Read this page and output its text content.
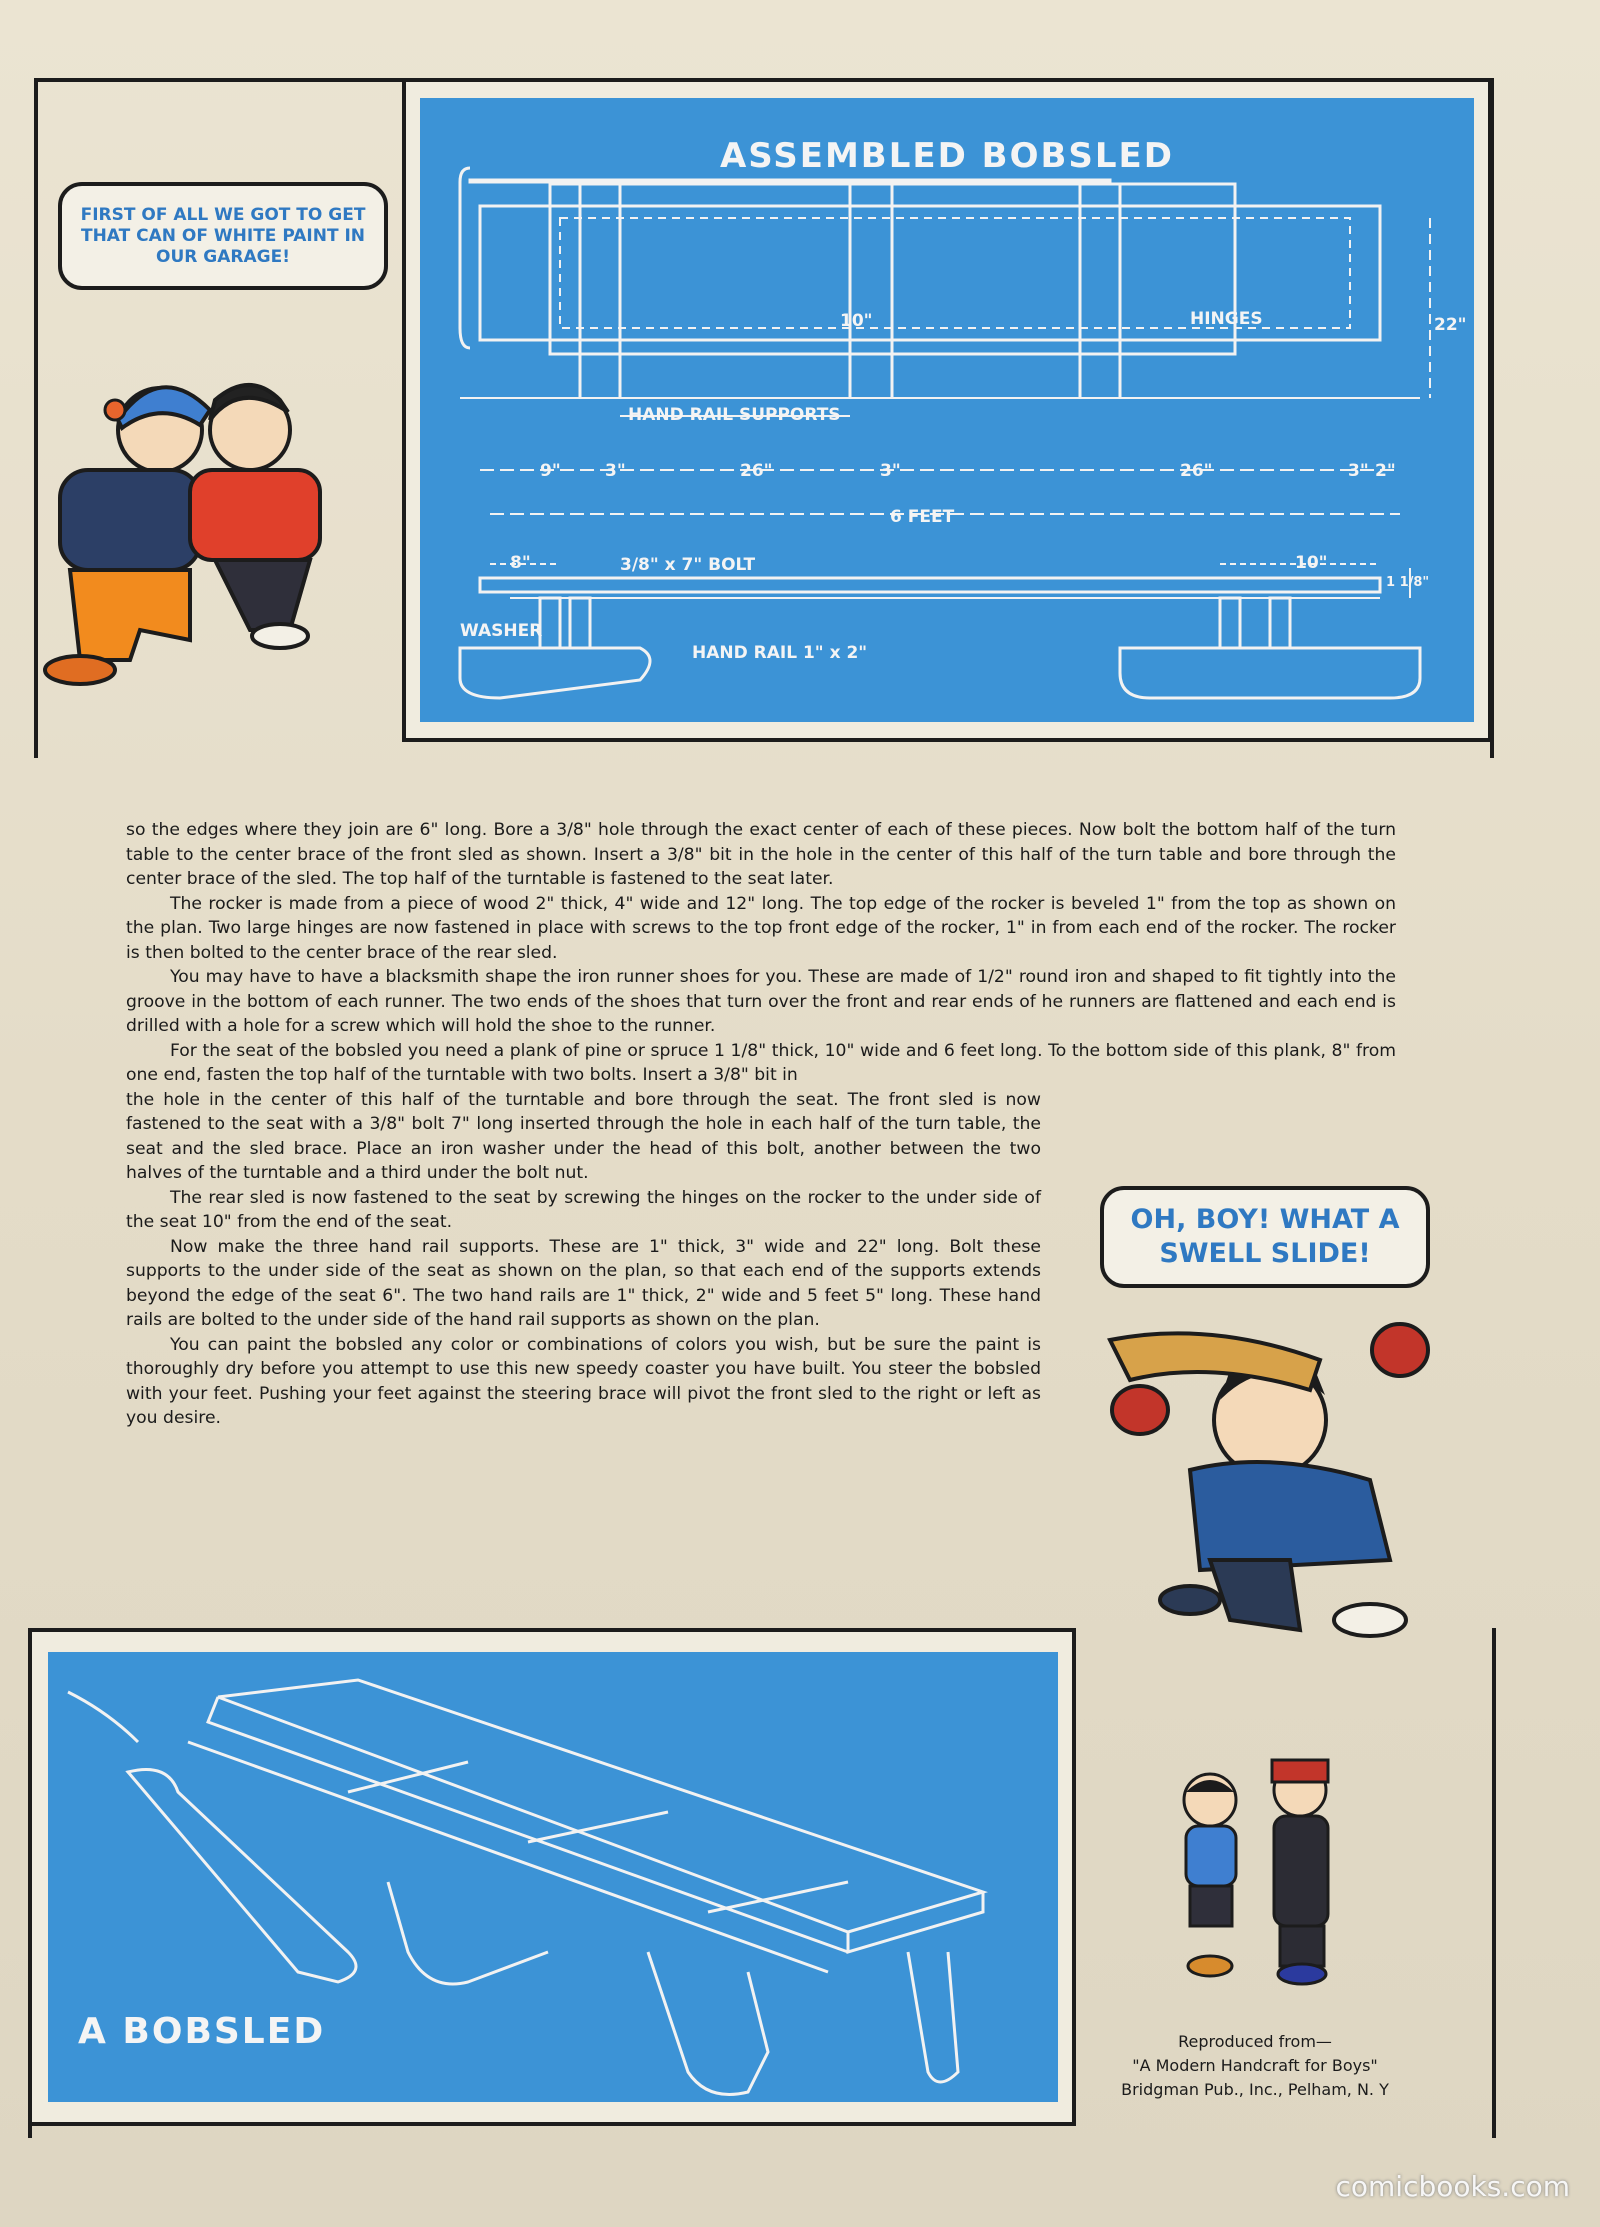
ASSEMBLED BOBSLED
10"	HINGES	22"
HAND RAIL SUPPORTS
9"	3"	26"	3"	26"	3" 2"
6 FEET
8"	3/8" x 7" BOLT	10"
1 1/8"
WASHER
HAND RAIL 1" x 2"
FIRST OF ALL WE GOT TO GET THAT CAN OF WHITE PAINT IN OUR GARAGE!

so the edges where they join are 6" long. Bore a 3/8" hole through the exact center of each of these pieces. Now bolt the bottom half of the turn table to the center brace of the front sled as shown. Insert a 3/8" bit in the hole in the center of this half of the turn table and bore through the center brace of the sled. The top half of the turntable is fastened to the seat later.

The rocker is made from a piece of wood 2" thick, 4" wide and 12" long. The top edge of the rocker is beveled 1" from the top as shown on the plan. Two large hinges are now fastened in place with screws to the top front edge of the rocker, 1" in from each end of the rocker. The rocker is then bolted to the center brace of the rear sled.

You may have to have a blacksmith shape the iron runner shoes for you. These are made of 1/2" round iron and shaped to fit tightly into the groove in the bottom of each runner. The two ends of the shoes that turn over the front and rear ends of he runners are flattened and each end is drilled with a hole for a screw which will hold the shoe to the runner.

For the seat of the bobsled you need a plank of pine or spruce 1 1/8" thick, 10" wide and 6 feet long. To the bottom side of this plank, 8" from one end, fasten the top half of the turntable with two bolts. Insert a 3/8" bit in

the hole in the center of this half of the turntable and bore through the seat. The front sled is now fastened to the seat with a 3/8" bolt 7" long inserted through the hole in each half of the turn table, the seat and the sled brace. Place an iron washer under the head of this bolt, another between the two halves of the turntable and a third under the bolt nut.

The rear sled is now fastened to the seat by screwing the hinges on the rocker to the under side of the seat 10" from the end of the seat.

Now make the three hand rail supports. These are 1" thick, 3" wide and 22" long. Bolt these supports to the under side of the seat as shown on the plan, so that each end of the supports extends beyond the edge of the seat 6". The two hand rails are 1" thick, 2" wide and 5 feet 5" long. These hand rails are bolted to the under side of the hand rail supports as shown on the plan.

You can paint the bobsled any color or combinations of colors you wish, but be sure the paint is thoroughly dry before you attempt to use this new speedy coaster you have built. You steer the bobsled with your feet. Pushing your feet against the steering brace will pivot the front sled to the right or left as you desire.

OH, BOY! WHAT A SWELL SLIDE!
A BOBSLED	Reproduced from—
"A Modern Handcraft for Boys"
Bridgman Pub., Inc., Pelham, N. Y
comicbooks.com
